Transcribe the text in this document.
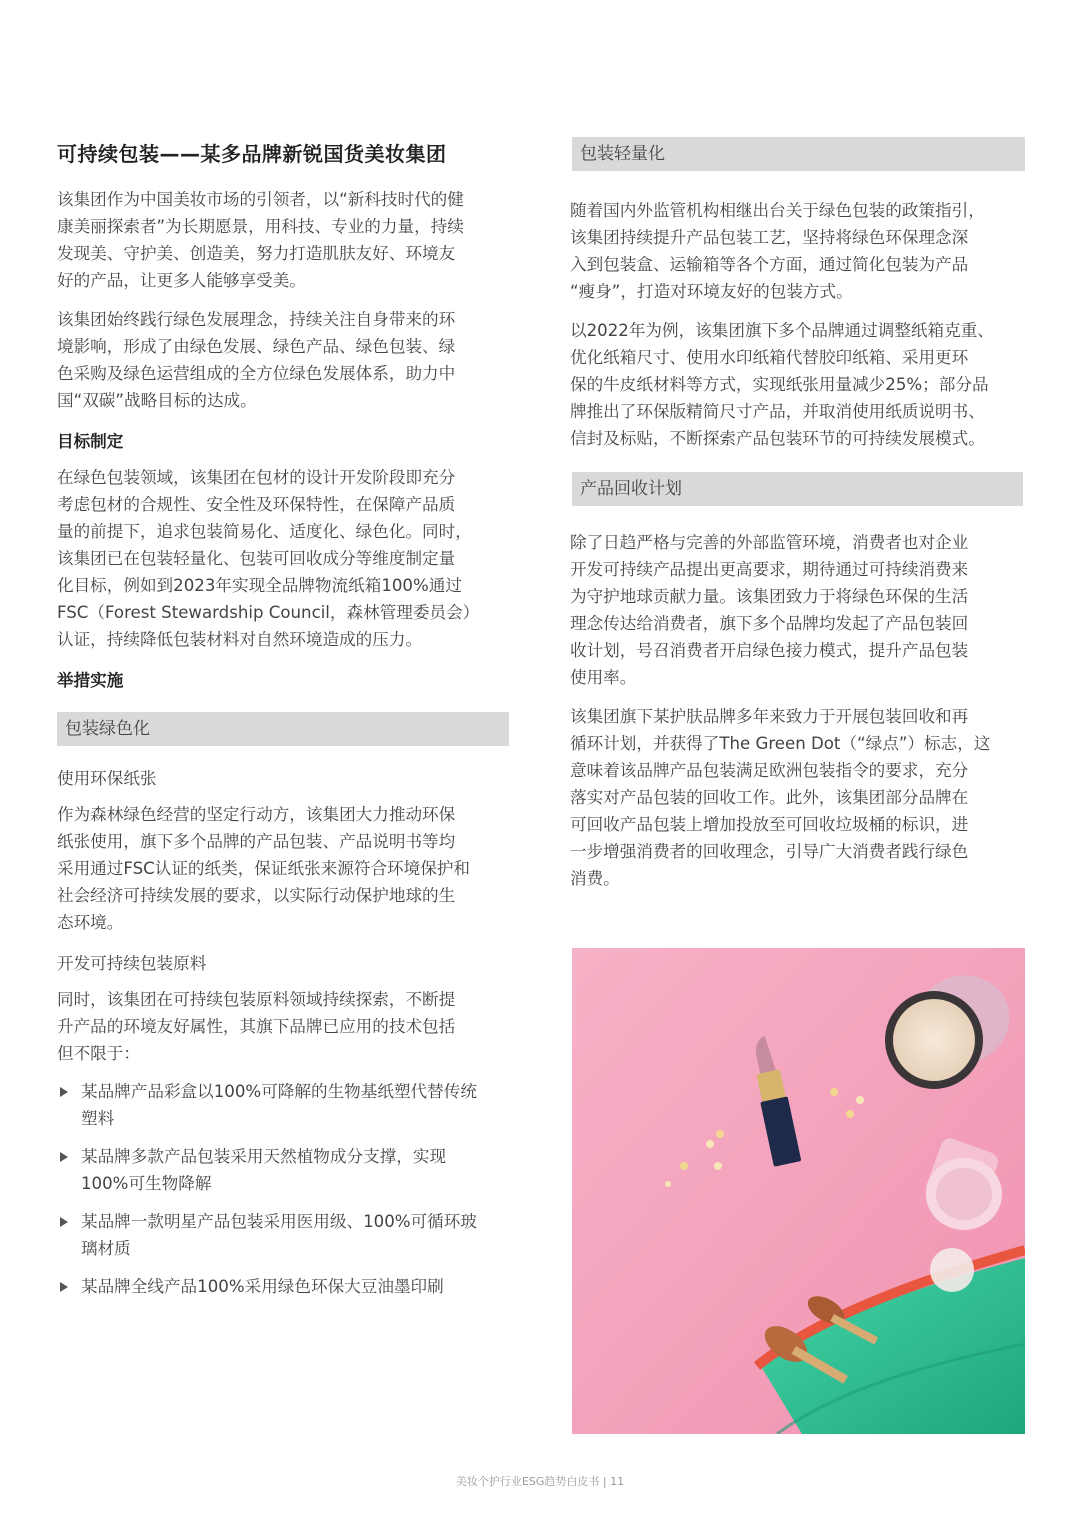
可持续包装——某多品牌新锐国货美妆集团

该集团作为中国美妆市场的引领者，以“新科技时代的健

康美丽探索者”为长期愿景，用科技、专业的力量，持续

发现美、守护美、创造美，努力打造肌肤友好、环境友

好的产品，让更多人能够享受美。

该集团始终践行绿色发展理念，持续关注自身带来的环

境影响，形成了由绿色发展、绿色产品、绿色包装、绿

色采购及绿色运营组成的全方位绿色发展体系，助力中

国“双碳”战略目标的达成。

目标制定

在绿色包装领域，该集团在包材的设计开发阶段即充分

考虑包材的合规性、安全性及环保特性，在保障产品质

量的前提下，追求包装简易化、适度化、绿色化。同时，

该集团已在包装轻量化、包装可回收成分等维度制定量

化目标，例如到2023年实现全品牌物流纸箱100%通过

FSC（Forest Stewardship Council，森林管理委员会）

认证，持续降低包装材料对自然环境造成的压力。

举措实施
包装绿色化
使用环保纸张

作为森林绿色经营的坚定行动方，该集团大力推动环保

纸张使用，旗下多个品牌的产品包装、产品说明书等均

采用通过FSC认证的纸类，保证纸张来源符合环境保护和

社会经济可持续发展的要求，以实际行动保护地球的生

态环境。

开发可持续包装原料

同时，该集团在可持续包装原料领域持续探索，不断提

升产品的环境友好属性，其旗下品牌已应用的技术包括

但不限于：

某品牌产品彩盒以100%可降解的生物基纸塑代替传统
塑料
某品牌多款产品包装采用天然植物成分支撑，实现
100%可生物降解
某品牌一款明星产品包装采用医用级、100%可循环玻
璃材质
某品牌全线产品100%采用绿色环保大豆油墨印刷
包装轻量化

随着国内外监管机构相继出台关于绿色包装的政策指引，

该集团持续提升产品包装工艺，坚持将绿色环保理念深

入到包装盒、运输箱等各个方面，通过简化包装为产品

“瘦身”，打造对环境友好的包装方式。

以2022年为例，该集团旗下多个品牌通过调整纸箱克重、

优化纸箱尺寸、使用水印纸箱代替胶印纸箱、采用更环

保的牛皮纸材料等方式，实现纸张用量减少25%；部分品

牌推出了环保版精简尺寸产品，并取消使用纸质说明书、

信封及标贴，不断探索产品包装环节的可持续发展模式。

产品回收计划

除了日趋严格与完善的外部监管环境，消费者也对企业

开发可持续产品提出更高要求，期待通过可持续消费来

为守护地球贡献力量。该集团致力于将绿色环保的生活

理念传达给消费者，旗下多个品牌均发起了产品包装回

收计划，号召消费者开启绿色接力模式，提升产品包装

使用率。

该集团旗下某护肤品牌多年来致力于开展包装回收和再

循环计划，并获得了The Green Dot（“绿点”）标志，这

意味着该品牌产品包装满足欧洲包装指令的要求，充分

落实对产品包装的回收工作。此外，该集团部分品牌在

可回收产品包装上增加投放至可回收垃圾桶的标识，进

一步增强消费者的回收理念，引导广大消费者践行绿色

消费。

美妆个护行业ESG趋势白皮书 | 11
